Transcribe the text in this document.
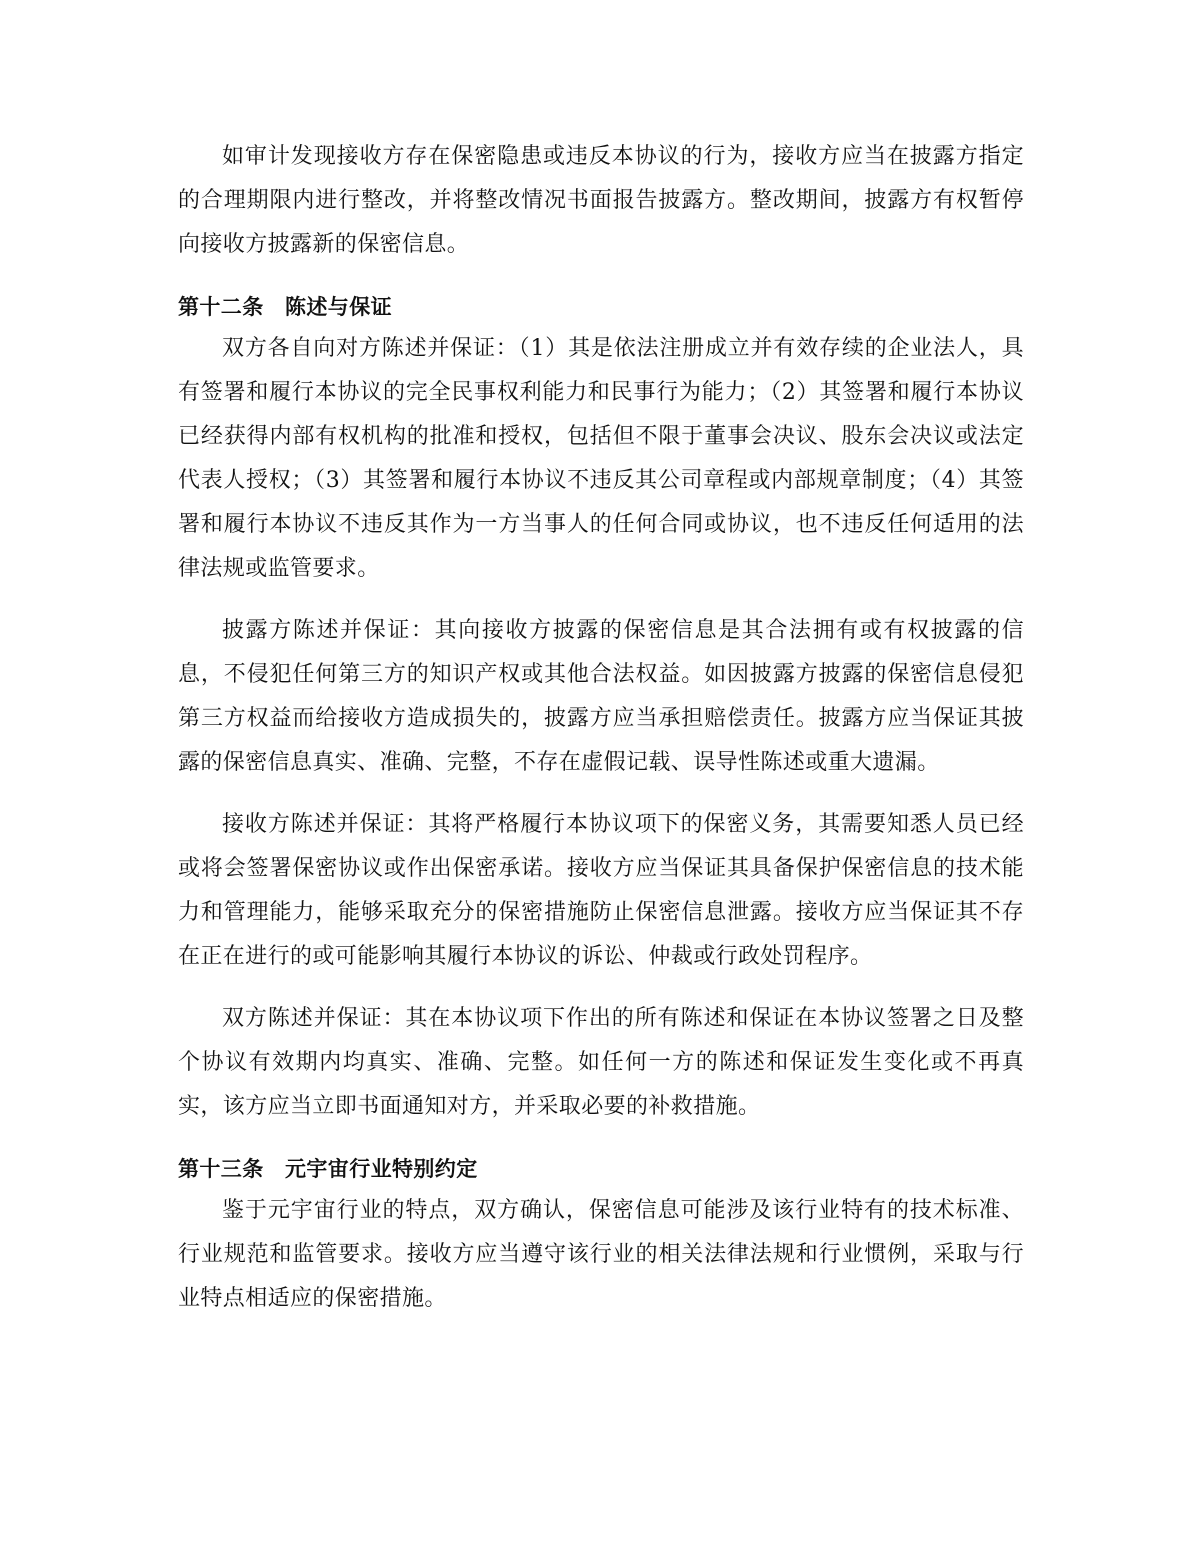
如审计发现接收方存在保密隐患或违反本协议的行为，接收方应当在披露方指定的合理期限内进行整改，并将整改情况书面报告披露方。整改期间，披露方有权暂停向接收方披露新的保密信息。

第十二条　陈述与保证

双方各自向对方陈述并保证：（1）其是依法注册成立并有效存续的企业法人，具有签署和履行本协议的完全民事权利能力和民事行为能力；（2）其签署和履行本协议已经获得内部有权机构的批准和授权，包括但不限于董事会决议、股东会决议或法定代表人授权；（3）其签署和履行本协议不违反其公司章程或内部规章制度；（4）其签署和履行本协议不违反其作为一方当事人的任何合同或协议，也不违反任何适用的法律法规或监管要求。

披露方陈述并保证：其向接收方披露的保密信息是其合法拥有或有权披露的信息，不侵犯任何第三方的知识产权或其他合法权益。如因披露方披露的保密信息侵犯第三方权益而给接收方造成损失的，披露方应当承担赔偿责任。披露方应当保证其披露的保密信息真实、准确、完整，不存在虚假记载、误导性陈述或重大遗漏。

接收方陈述并保证：其将严格履行本协议项下的保密义务，其需要知悉人员已经或将会签署保密协议或作出保密承诺。接收方应当保证其具备保护保密信息的技术能力和管理能力，能够采取充分的保密措施防止保密信息泄露。接收方应当保证其不存在正在进行的或可能影响其履行本协议的诉讼、仲裁或行政处罚程序。

双方陈述并保证：其在本协议项下作出的所有陈述和保证在本协议签署之日及整个协议有效期内均真实、准确、完整。如任何一方的陈述和保证发生变化或不再真实，该方应当立即书面通知对方，并采取必要的补救措施。

第十三条　元宇宙行业特别约定

鉴于元宇宙行业的特点，双方确认，保密信息可能涉及该行业特有的技术标准、行业规范和监管要求。接收方应当遵守该行业的相关法律法规和行业惯例，采取与行业特点相适应的保密措施。
